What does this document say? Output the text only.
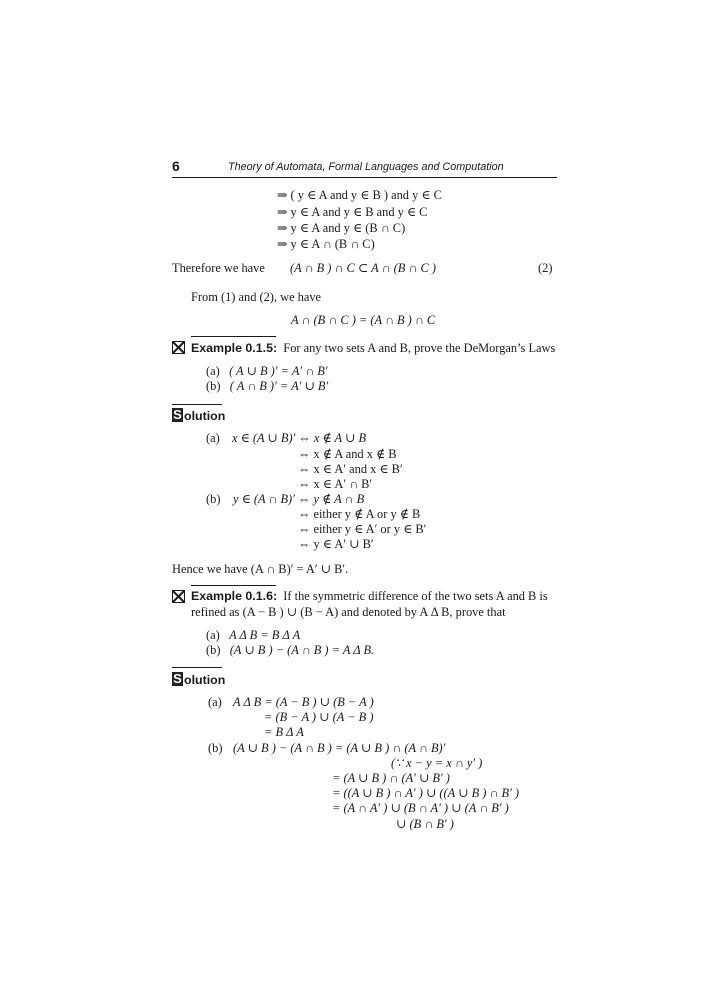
6	Theory of Automata, Formal Languages and Computation
⇒ ( y ∈ A and y ∈ B ) and y ∈ C
⇒ y ∈ A and y ∈ B and y ∈ C
⇒ y ∈ A and y ∈ (B ∩ C)
⇒ y ∈ A ∩ (B ∩ C)
Therefore we have (A ∩ B ) ∩ C ⊂ A ∩ (B ∩ C )	(2)
From (1) and (2), we have
A ∩ (B ∩ C ) = (A ∩ B ) ∩ C
Example 0.1.5: For any two sets A and B, prove the DeMorgan’s Laws
(a) ( A ∪ B )′ = A′ ∩ B′
(b) ( A ∩ B )′ = A′ ∪ B′
S olution
(a) x ∈ (A ∪ B)′ ⇔ x ∉ A ∪ B
⇔ x ∉ A and x ∉ B
⇔ x ∈ A′ and x ∈ B′
⇔ x ∈ A′ ∩ B′
(b) y ∈ (A ∩ B)′ ⇔ y ∉ A ∩ B
⇔ either y ∉ A or y ∉ B
⇔ either y ∈ A′ or y ∈ B′
⇔ y ∈ A′ ∪ B′
Hence we have (A ∩ B)′ = A′ ∪ B′.
Example 0.1.6: If the symmetric difference of the two sets A and B is
refined as (A − B ) ∪ (B − A) and denoted by A Δ B, prove that
(a) A Δ B = B Δ A
(b) (A ∪ B ) − (A ∩ B ) = A Δ B.
S olution
(a) A Δ B = (A − B ) ∪ (B − A )
= (B − A ) ∪ (A − B )
= B Δ A
(b) (A ∪ B ) − (A ∩ B ) = (A ∪ B ) ∩ (A ∩ B)′
(∵ x − y = x ∩ y′ )
= (A ∪ B ) ∩ (A′ ∪ B′ )
= ((A ∪ B ) ∩ A′ ) ∪ ((A ∪ B ) ∩ B′ )
= (A ∩ A′ ) ∪ (B ∩ A′ ) ∪ (A ∩ B′ )
∪ (B ∩ B′ )
